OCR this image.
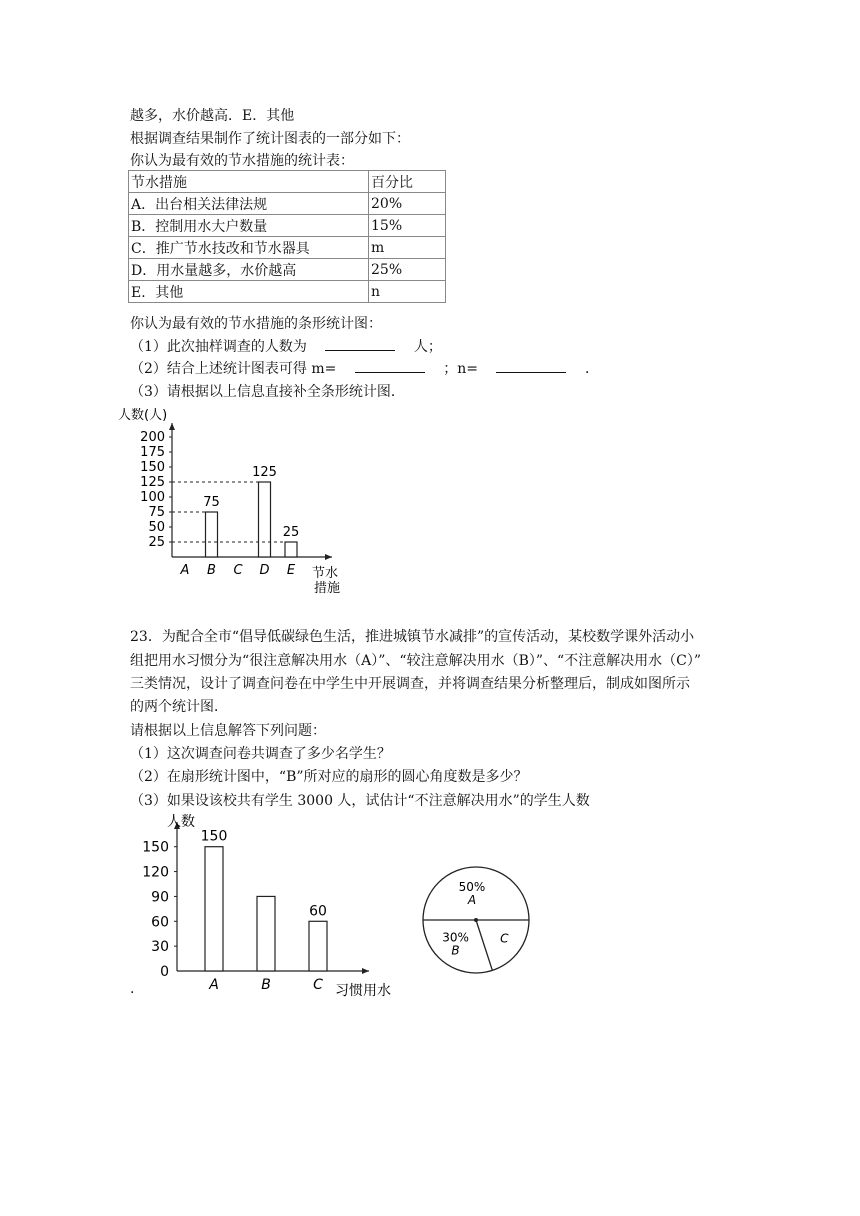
越多，水价越高．E．其他
根据调查结果制作了统计图表的一部分如下：
你认为最有效的节水措施的统计表：
节水措施	百分比
A．出台相关法律法规	20%
B．控制用水大户数量	15%
C．推广节水技改和节水器具	m
D．用水量越多，水价越高	25%
E．其他	n
你认为最有效的节水措施的条形统计图：
（1）此次抽样调查的人数为	人；
（2）结合上述统计图表可得 m=	；n=	．
（3）请根据以上信息直接补全条形统计图．
人数(人)
节水
措施
25
50
75
100
125
150
175
200
A B
75
C D
125
E
25
23．为配合全市“倡导低碳绿色生活，推进城镇节水减排”的宣传活动，某校数学课外活动小
组把用水习惯分为“很注意解决用水（A）”、“较注意解决用水（B）”、“不注意解决用水（C）”
三类情况，设计了调查问卷在中学生中开展调查，并将调查结果分析整理后，制成如图所示
的两个统计图．
请根据以上信息解答下列问题：
（1）这次调查问卷共调查了多少名学生？
（2）在扇形统计图中，“B”所对应的扇形的圆心角度数是多少？
（3）如果设该校共有学生 3000 人，试估计“不注意解决用水”的学生人数
人数
习惯用水
0
30
60
90
120
150
A
150
B	C
60
50%
A
C
30%
B
.
